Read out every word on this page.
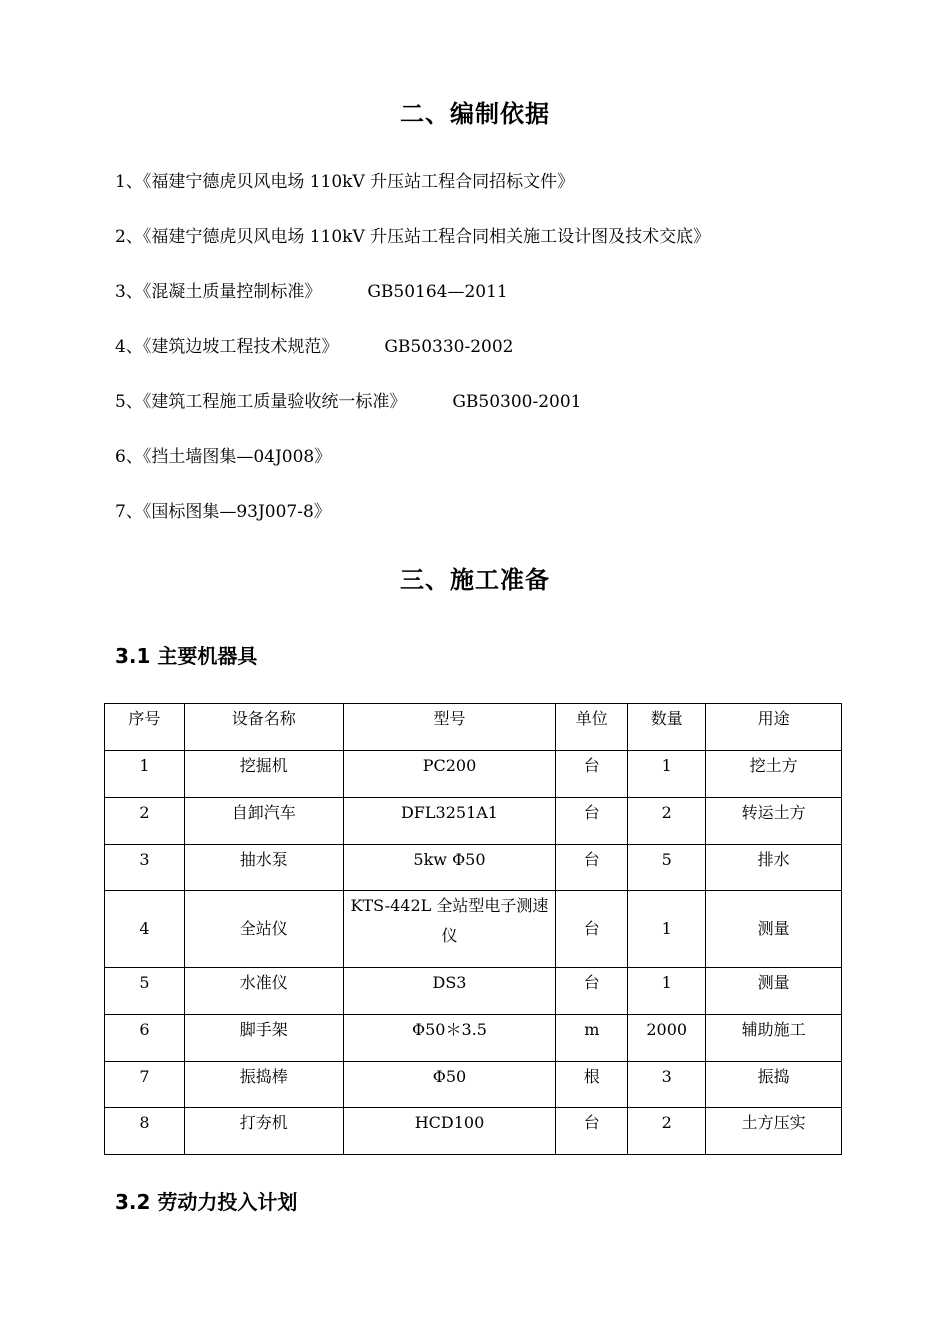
二、编制依据
1、《福建宁德虎贝风电场 110kV 升压站工程合同招标文件》
2、《福建宁德虎贝风电场 110kV 升压站工程合同相关施工设计图及技术交底》
3、《混凝土质量控制标准》	GB50164—2011
4、《建筑边坡工程技术规范》	GB50330-2002
5、《建筑工程施工质量验收统一标准》	GB50300-2001
6、《挡土墙图集—04J008》
7、《国标图集—93J007-8》
三、施工准备
3.1 主要机器具
序号	设备名称	型号	单位	数量	用途
1	挖掘机	PC200	台	1	挖土方
2	自卸汽车	DFL3251A1	台	2	转运土方
3	抽水泵	5kw Φ50	台	5	排水
4	全站仪	KTS-442L 全站型电子测速仪	台	1	测量
5	水准仪	DS3	台	1	测量
6	脚手架	Φ50＊3.5	m	2000	辅助施工
7	振捣棒	Φ50	根	3	振捣
8	打夯机	HCD100	台	2	土方压实
3.2 劳动力投入计划
